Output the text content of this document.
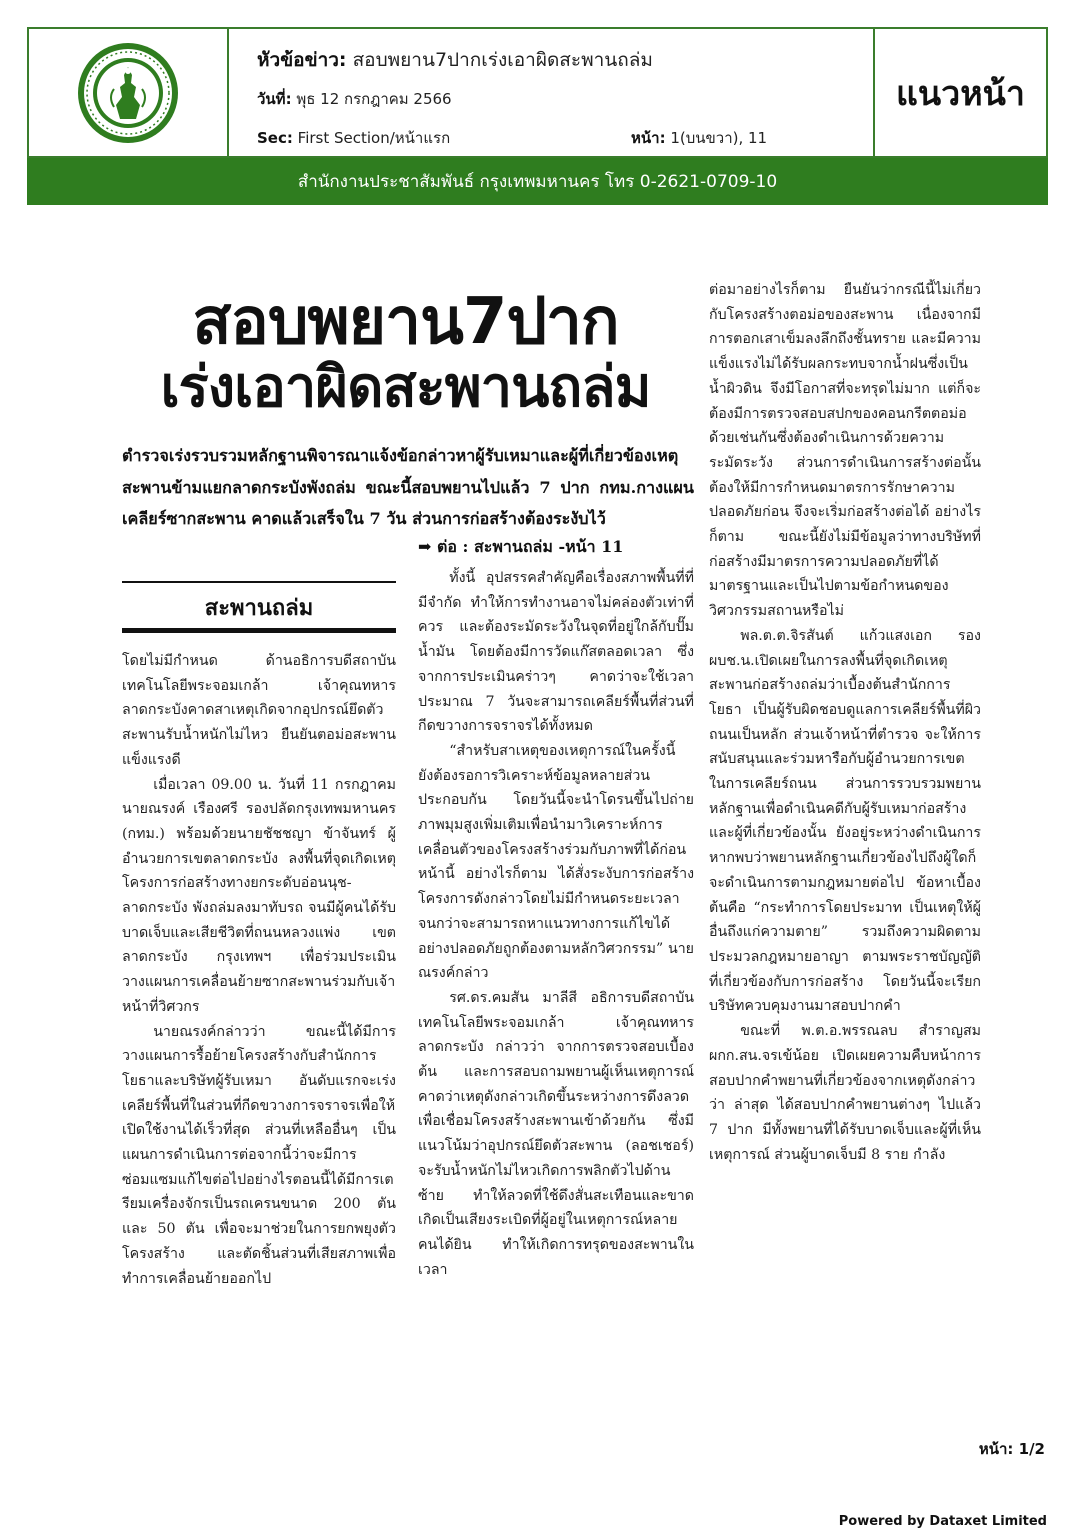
หัวข้อข่าว: สอบพยาน7ปากเร่งเอาผิดสะพานถล่ม
วันที่: พุธ 12 กรกฎาคม 2566
Sec: First Section/หน้าแรก	หน้า: 1(บนขวา), 11
แนวหน้า
สำนักงานประชาสัมพันธ์ กรุงเทพมหานคร โทร 0-2621-0709-10
สอบพยาน7ปาก
เร่งเอาผิดสะพานถล่ม
ตำรวจเร่งรวบรวมหลักฐานพิจารณาแจ้งข้อกล่าวหาผู้รับเหมาและผู้ที่เกี่ยวข้องเหตุสะพานข้ามแยกลาดกระบังพังถล่ม ขณะนี้สอบพยานไปแล้ว 7 ปาก กทม.กางแผนเคลียร์ซากสะพาน คาดแล้วเสร็จใน 7 วัน ส่วนการก่อสร้างต้องระงับไว้
➡ ต่อ : สะพานถล่ม -หน้า 11
สะพานถล่ม

โดยไม่มีกำหนด ด้านอธิการบดีสถาบันเทคโนโลยีพระจอมเกล้า เจ้าคุณทหารลาดกระบังคาดสาเหตุเกิดจากอุปกรณ์ยึดตัวสะพานรับน้ำหนักไม่ไหว ยืนยันตอม่อสะพานแข็งแรงดี

เมื่อเวลา 09.00 น. วันที่ 11 กรกฎาคม นายณรงค์ เรืองศรี รองปลัดกรุงเทพมหานคร (กทม.) พร้อมด้วยนายชัชชญา ข้าจันทร์ ผู้อำนวยการเขตลาดกระบัง ลงพื้นที่จุดเกิดเหตุโครงการก่อสร้างทางยกระดับอ่อนนุช-ลาดกระบัง พังถล่มลงมาทับรถ จนมีผู้คนได้รับบาดเจ็บและเสียชีวิตที่ถนนหลวงแพ่ง เขตลาดกระบัง กรุงเทพฯ เพื่อร่วมประเมินวางแผนการเคลื่อนย้ายซากสะพานร่วมกับเจ้าหน้าที่วิศวกร

นายณรงค์กล่าวว่า ขณะนี้ได้มีการวางแผนการรื้อย้ายโครงสร้างกับสำนักการโยธาและบริษัทผู้รับเหมา อันดับแรกจะเร่งเคลียร์พื้นที่ในส่วนที่กีดขวางการจราจรเพื่อให้เปิดใช้งานได้เร็วที่สุด ส่วนที่เหลืออื่นๆ เป็นแผนการดำเนินการต่อจากนี้ว่าจะมีการซ่อมแซมแก้ไขต่อไปอย่างไรตอนนี้ได้มีการเตรียมเครื่องจักรเป็นรถเครนขนาด 200 ตัน และ 50 ตัน เพื่อจะมาช่วยในการยกพยุงตัวโครงสร้าง และตัดชิ้นส่วนที่เสียสภาพเพื่อทำการเคลื่อนย้ายออกไป

ทั้งนี้ อุปสรรคสำคัญคือเรื่องสภาพพื้นที่ที่มีจำกัด ทำให้การทำงานอาจไม่คล่องตัวเท่าที่ควร และต้องระมัดระวังในจุดที่อยู่ใกล้กับปั๊มน้ำมัน โดยต้องมีการวัดแก๊สตลอดเวลา ซึ่งจากการประเมินคร่าวๆ คาดว่าจะใช้เวลาประมาณ 7 วันจะสามารถเคลียร์พื้นที่ส่วนที่กีดขวางการจราจรได้ทั้งหมด

“สำหรับสาเหตุของเหตุการณ์ในครั้งนี้ ยังต้องรอการวิเคราะห์ข้อมูลหลายส่วนประกอบกัน โดยวันนี้จะนำโดรนขึ้นไปถ่ายภาพมุมสูงเพิ่มเติมเพื่อนำมาวิเคราะห์การเคลื่อนตัวของโครงสร้างร่วมกับภาพที่ได้ก่อนหน้านี้ อย่างไรก็ตาม ได้สั่งระงับการก่อสร้างโครงการดังกล่าวโดยไม่มีกำหนดระยะเวลา จนกว่าจะสามารถหาแนวทางการแก้ไขได้อย่างปลอดภัยถูกต้องตามหลักวิศวกรรม” นายณรงค์กล่าว

รศ.ดร.คมสัน มาลีสี อธิการบดีสถาบันเทคโนโลยีพระจอมเกล้า เจ้าคุณทหารลาดกระบัง กล่าวว่า จากการตรวจสอบเบื้องต้น และการสอบถามพยานผู้เห็นเหตุการณ์คาดว่าเหตุดังกล่าวเกิดขึ้นระหว่างการดึงลวดเพื่อเชื่อมโครงสร้างสะพานเข้าด้วยกัน ซึ่งมีแนวโน้มว่าอุปกรณ์ยึดตัวสะพาน (ลอชเชอร์) จะรับน้ำหนักไม่ไหวเกิดการพลิกตัวไปด้านซ้าย ทำให้ลวดที่ใช้ดึงสั่นสะเทือนและขาด เกิดเป็นเสียงระเบิดที่ผู้อยู่ในเหตุการณ์หลายคนได้ยิน ทำให้เกิดการทรุดของสะพานในเวลา

ต่อมาอย่างไรก็ตาม ยืนยันว่ากรณีนี้ไม่เกี่ยวกับโครงสร้างตอม่อของสะพาน เนื่องจากมีการตอกเสาเข็มลงลึกถึงชั้นทราย และมีความแข็งแรงไม่ได้รับผลกระทบจากน้ำฝนซึ่งเป็นน้ำผิวดิน จึงมีโอกาสที่จะทรุดไม่มาก แต่ก็จะต้องมีการตรวจสอบสปกของคอนกรีตตอม่อด้วยเช่นกันซึ่งต้องดำเนินการด้วยความระมัดระวัง ส่วนการดำเนินการสร้างต่อนั้นต้องให้มีการกำหนดมาตรการรักษาความปลอดภัยก่อน จึงจะเริ่มก่อสร้างต่อได้ อย่างไรก็ตาม ขณะนี้ยังไม่มีข้อมูลว่าทางบริษัทที่ก่อสร้างมีมาตรการความปลอดภัยที่ได้มาตรฐานและเป็นไปตามข้อกำหนดของวิศวกรรมสถานหรือไม่

พล.ต.ต.จิรสันต์ แก้วแสงเอก รองผบช.น.เปิดเผยในการลงพื้นที่จุดเกิดเหตุสะพานก่อสร้างถล่มว่าเบื้องต้นสำนักการโยธา เป็นผู้รับผิดชอบดูแลการเคลียร์พื้นที่ผิวถนนเป็นหลัก ส่วนเจ้าหน้าที่ตำรวจ จะให้การสนับสนุนและร่วมหารือกับผู้อำนวยการเขตในการเคลียร์ถนน ส่วนการรวบรวมพยานหลักฐานเพื่อดำเนินคดีกับผู้รับเหมาก่อสร้างและผู้ที่เกี่ยวข้องนั้น ยังอยู่ระหว่างดำเนินการ หากพบว่าพยานหลักฐานเกี่ยวข้องไปถึงผู้ใดก็จะดำเนินการตามกฎหมายต่อไป ข้อหาเบื้องต้นคือ “กระทำการโดยประมาท เป็นเหตุให้ผู้อื่นถึงแก่ความตาย” รวมถึงความผิดตามประมวลกฎหมายอาญา ตามพระราชบัญญัติที่เกี่ยวข้องกับการก่อสร้าง โดยวันนี้จะเรียกบริษัทควบคุมงานมาสอบปากคำ

ขณะที่ พ.ต.อ.พรรณลบ สำราญสม ผกก.สน.จรเข้น้อย เปิดเผยความคืบหน้าการสอบปากคำพยานที่เกี่ยวข้องจากเหตุดังกล่าวว่า ล่าสุด ได้สอบปากคำพยานต่างๆ ไปแล้ว 7 ปาก มีทั้งพยานที่ได้รับบาดเจ็บและผู้ที่เห็นเหตุการณ์ ส่วนผู้บาดเจ็บมี 8 ราย กำลัง

หน้า: 1/2
Powered by Dataxet Limited
